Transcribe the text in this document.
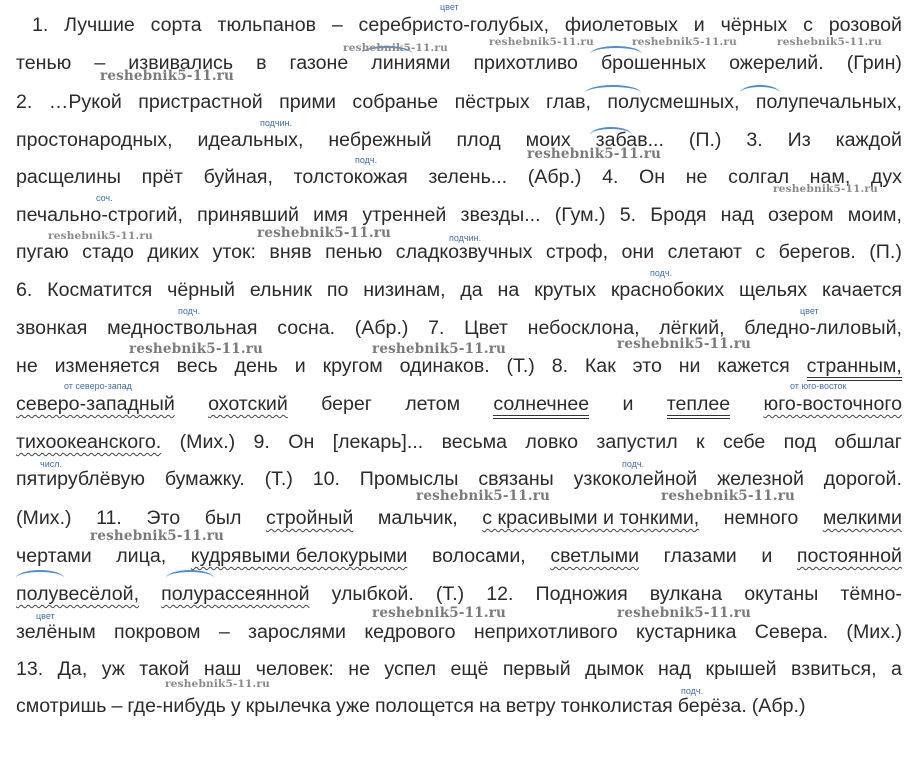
цвет
подчин.
подч.
соч.
подчин.
подч.
подч.	цвет
от северо-запад	от юго-восток
числ.	подч.
цвет
подч.
1. Лучшие сорта тюльпанов – серебристо-голубых, фиолетовых и чёрных с розовой
тенью – извивались в газоне линиями прихотливо брошенных ожерелий. (Грин)
2. …Рукой пристрастной прими собранье пёстрых глав, полусмешных, полупечальных,
простонародных, идеальных, небрежный плод моих забав... (П.) 3. Из каждой
расщелины прёт буйная, толстокожая зелень... (Абр.) 4. Он не солгал нам, дух
печально-строгий, принявший имя утренней звезды... (Гум.) 5. Бродя над озером моим,
пугаю стадо диких уток: вняв пенью сладкозвучных строф, они слетают с берегов. (П.)
6. Косматится чёрный ельник по низинам, да на крутых краснобоких щельях качается
звонкая медноствольная сосна. (Абр.) 7. Цвет небосклона, лёгкий, бледно-лиловый,
не изменяется весь день и кругом одинаков. (Т.) 8. Как это ни кажется странным,
северо-западный охотский берег летом солнечнее и теплее юго-восточного
тихоокеанского. (Мих.) 9. Он [лекарь]... весьма ловко запустил к себе под обшлаг
пятирублёвую бумажку. (Т.) 10. Промыслы связаны узкоколейной железной дорогой.
(Мих.) 11. Это был стройный мальчик, с красивыми и тонкими, немного мелкими
чертами лица, кудрявыми белокурыми волосами, светлыми глазами и постоянной
полувесёлой, полурассеянной улыбкой. (Т.) 12. Подножия вулкана окутаны тёмно-
зелёным покровом – зарослями кедрового неприхотливого кустарника Севера. (Мих.)
13. Да, уж такой наш человек: не успел ещё первый дымок над крышей взвиться, а
смотришь – где-нибудь у крылечка уже полощется на ветру тонколистая берёза. (Абр.)
reshebnik5-11.ru	reshebnik5-11.ru	reshebnik5-11.ru	reshebnik5-11.ru
reshebnik5-11.ru
reshebnik5-11.ru
reshebnik5-11.ru
reshebnik5-11.ru	reshebnik5-11.ru
reshebnik5-11.ru	reshebnik5-11.ru	reshebnik5-11.ru
reshebnik5-11.ru	reshebnik5-11.ru
reshebnik5-11.ru
reshebnik5-11.ru	reshebnik5-11.ru
reshebnik5-11.ru
